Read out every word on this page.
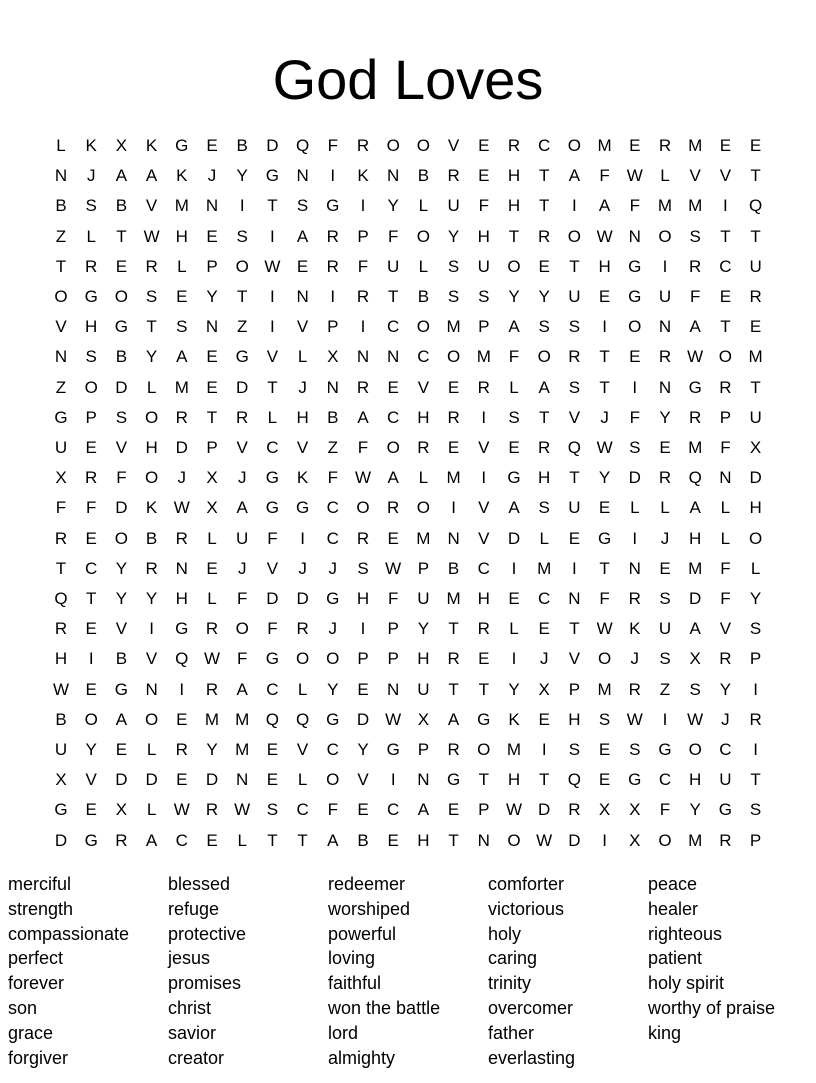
God Loves
L	K	X	K	G	E	B	D	Q	F	R	O O	V	E	R	C	O M	E	R M	E	E
N	J	A	A	K	J	Y	G	N	I	K	N	B	R	E	H	T	A	F W	L	V	V	T
B	S	B	V	M N	I	T	S	G	I	Y	L	U	F	H	T	I	A	F	M M	I	Q
Z	L	T W H	E	S	I	A	R	P	F	O	Y	H	T	R	O W N	O	S	T	T
T	R	E	R	L	P	O W E	R	F	U	L	S	U	O	E	T	H	G	I	R	C	U
O G O	S	E	Y	T	I	N	I	R	T	B	S	S	Y	Y	U	E	G	U	F	E	R
V	H	G	T	S	N	Z	I	V	P	I	C	O M	P	A	S	S	I	O	N	A	T	E
N	S	B	Y	A	E	G	V	L	X	N	N	C	O M	F	O	R	T	E	R W O M
Z	O	D	L	M	E	D	T	J	N	R	E	V	E	R	L	A	S	T	I	N	G	R	T
G	P	S	O	R	T	R	L	H	B	A	C	H	R	I	S	T	V	J	F	Y	R	P	U
U	E	V	H	D	P	V	C	V	Z	F	O	R	E	V	E	R	Q W S	E	M	F	X
X	R	F	O	J	X	J	G	K	F W A	L	M	I	G	H	T	Y	D	R	Q	N	D
F	F	D	K W X	A	G G	C	O	R	O	I	V	A	S	U	E	L	L	A	L	H
R	E	O	B	R	L	U	F	I	C	R	E	M N	V	D	L	E	G	I	J	H	L	O
T	C	Y	R	N	E	J	V	J	J	S W P	B	C	I	M	I	T	N	E	M	F	L
Q	T	Y	Y	H	L	F	D	D	G	H	F	U M H	E	C	N	F	R	S	D	F	Y
R	E	V	I	G	R	O	F	R	J	I	P	Y	T	R	L	E	T W K	U	A	V	S
H	I	B	V	Q W F	G O O	P	P	H	R	E	I	J	V	O	J	S	X	R	P
W E	G	N	I	R	A	C	L	Y	E	N	U	T	T	Y	X	P	M R	Z	S	Y	I
B	O	A	O	E	M M Q Q G	D W X	A	G	K	E	H	S W	I	W	J	R
U	Y	E	L	R	Y	M	E	V	C	Y	G	P	R	O M	I	S	E	S	G O	C	I
X	V	D	D	E	D	N	E	L	O	V	I	N	G	T	H	T	Q	E	G	C	H	U	T
G	E	X	L	W R W S	C	F	E	C	A	E	P W D	R	X	X	F	Y	G	S
D	G	R	A	C	E	L	T	T	A	B	E	H	T	N	O W D	I	X	O M R	P
merciful
strength
compassionate
perfect
forever
son
grace
forgiver
blessed
refuge
protective
jesus
promises
christ
savior
creator
redeemer
worshiped
powerful
loving
faithful
won the battle
lord
almighty
comforter
victorious
holy
caring
trinity
overcomer
father
everlasting
peace
healer
righteous
patient
holy spirit
worthy of praise
king
